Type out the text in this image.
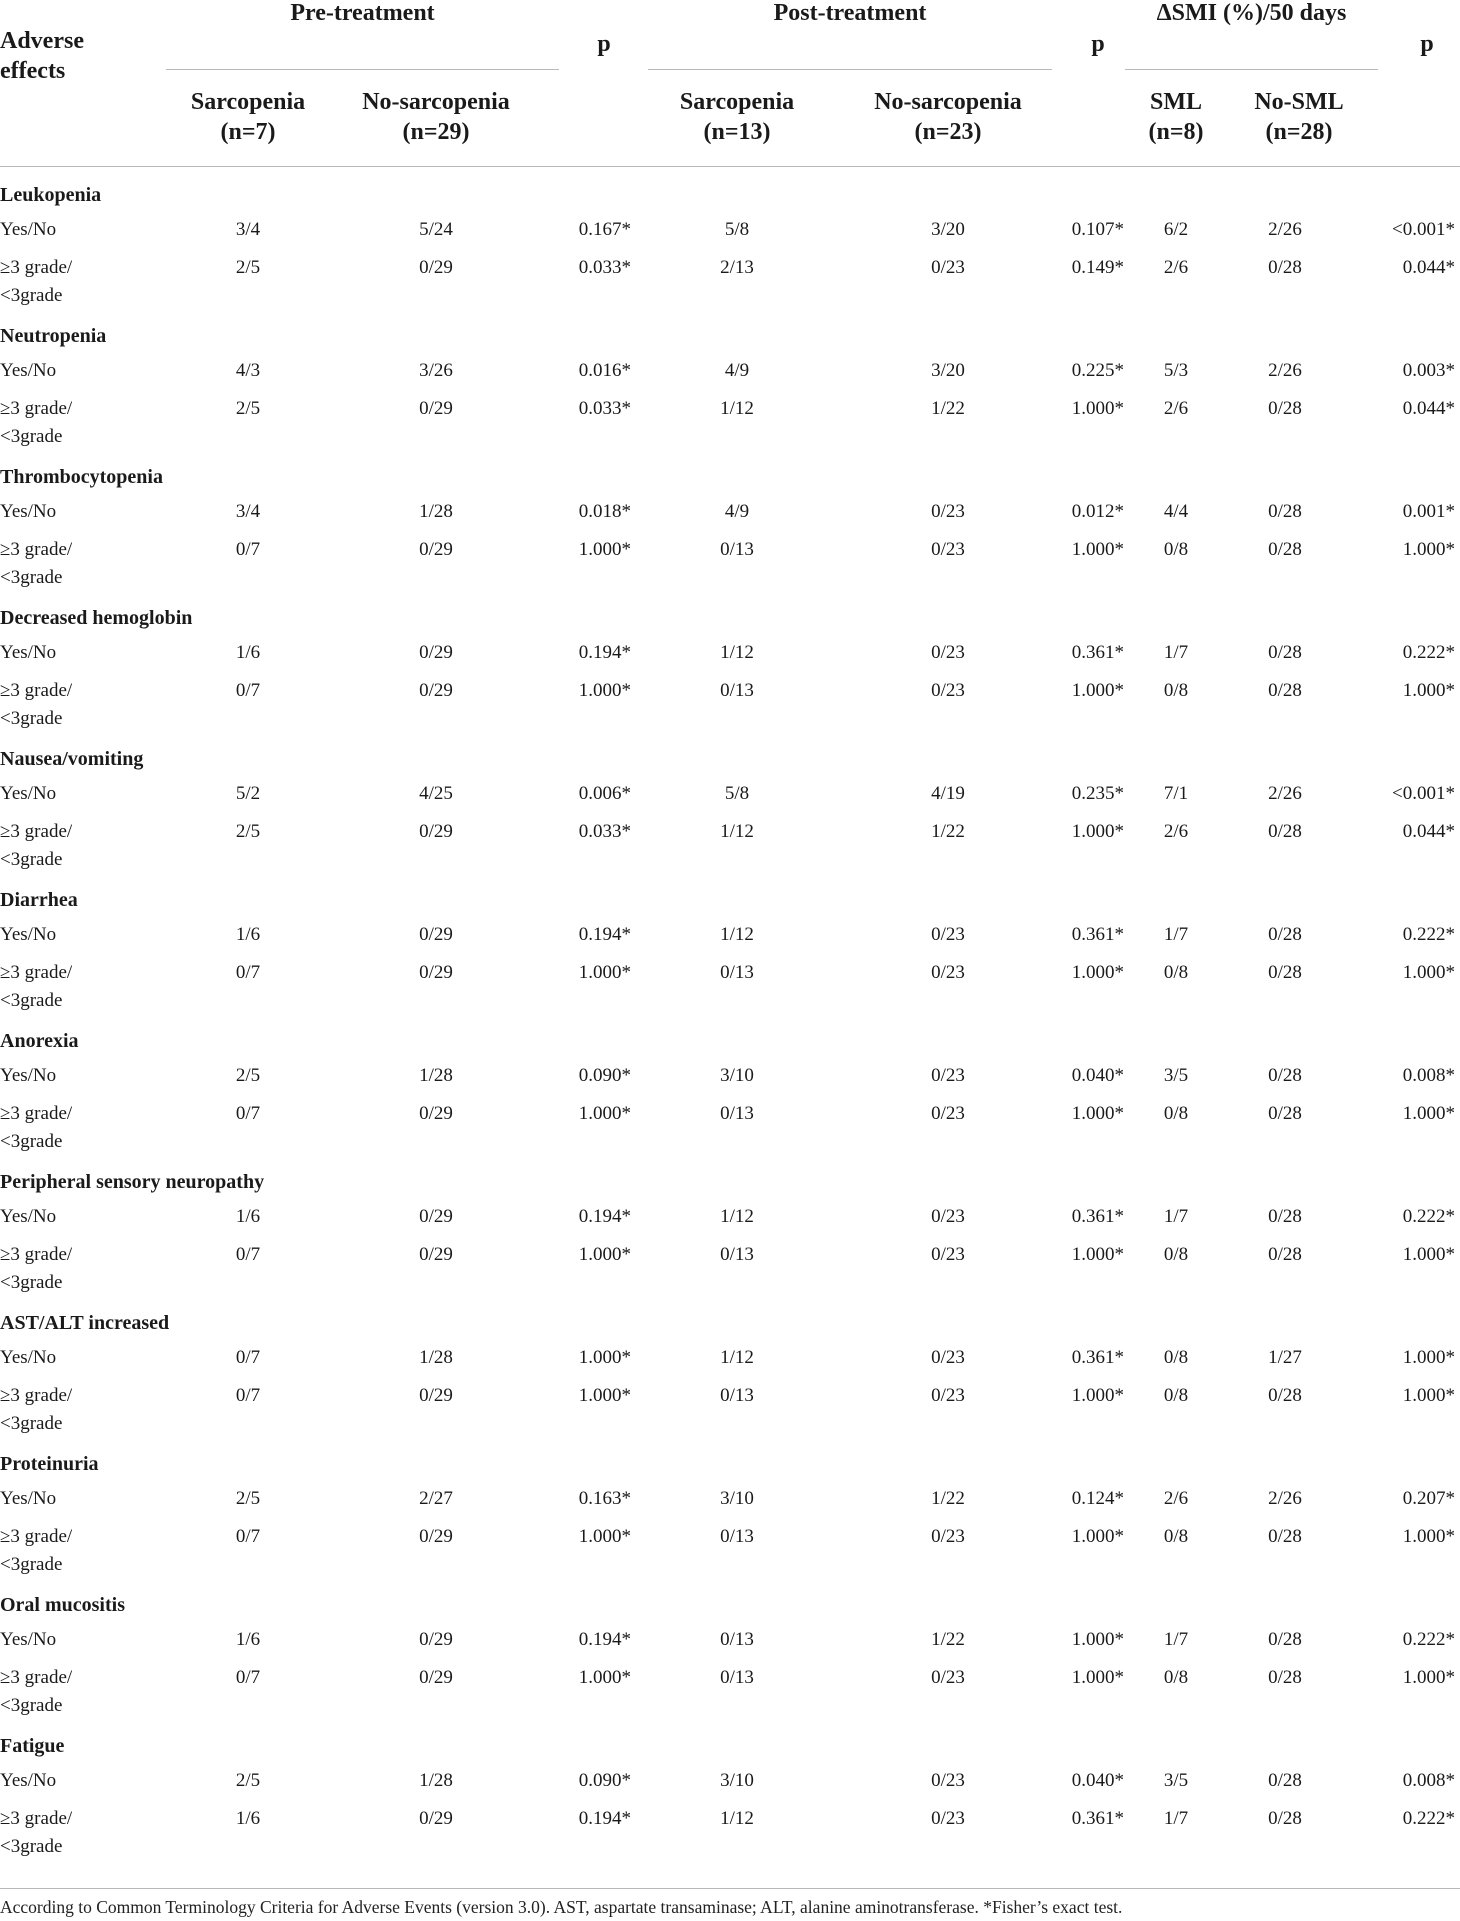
Adverse
effects
Pre-treatment	Post-treatment	ΔSMI (%)/50 days
p	p	p
Sarcopenia
(n=7)
No-sarcopenia
(n=29)
Sarcopenia
(n=13)
No-sarcopenia
(n=23)
SML
(n=8)
No-SML
(n=28)
Leukopenia
Yes/No	3/4	5/24	0.167*	5/8	3/20	0.107* 6/2	2/26	<0.001*
≥3 grade/
<3grade
2/5	0/29	0.033*	2/13	0/23	0.149* 2/6	0/28	0.044*
Neutropenia
Yes/No	4/3	3/26	0.016*	4/9	3/20	0.225* 5/3	2/26	0.003*
≥3 grade/
<3grade
2/5	0/29	0.033*	1/12	1/22	1.000* 2/6	0/28	0.044*
Thrombocytopenia
Yes/No	3/4	1/28	0.018*	4/9	0/23	0.012* 4/4	0/28	0.001*
≥3 grade/
<3grade
0/7	0/29	1.000*	0/13	0/23	1.000* 0/8	0/28	1.000*
Decreased hemoglobin
Yes/No	1/6	0/29	0.194*	1/12	0/23	0.361* 1/7	0/28	0.222*
≥3 grade/
<3grade
0/7	0/29	1.000*	0/13	0/23	1.000* 0/8	0/28	1.000*
Nausea/vomiting
Yes/No	5/2	4/25	0.006*	5/8	4/19	0.235* 7/1	2/26	<0.001*
≥3 grade/
<3grade
2/5	0/29	0.033*	1/12	1/22	1.000* 2/6	0/28	0.044*
Diarrhea
Yes/No	1/6	0/29	0.194*	1/12	0/23	0.361* 1/7	0/28	0.222*
≥3 grade/
<3grade
0/7	0/29	1.000*	0/13	0/23	1.000* 0/8	0/28	1.000*
Anorexia
Yes/No	2/5	1/28	0.090*	3/10	0/23	0.040* 3/5	0/28	0.008*
≥3 grade/
<3grade
0/7	0/29	1.000*	0/13	0/23	1.000* 0/8	0/28	1.000*
Peripheral sensory neuropathy
Yes/No	1/6	0/29	0.194*	1/12	0/23	0.361* 1/7	0/28	0.222*
≥3 grade/
<3grade
0/7	0/29	1.000*	0/13	0/23	1.000* 0/8	0/28	1.000*
AST/ALT increased
Yes/No	0/7	1/28	1.000*	1/12	0/23	0.361* 0/8	1/27	1.000*
≥3 grade/
<3grade
0/7	0/29	1.000*	0/13	0/23	1.000* 0/8	0/28	1.000*
Proteinuria
Yes/No	2/5	2/27	0.163*	3/10	1/22	0.124* 2/6	2/26	0.207*
≥3 grade/
<3grade
0/7	0/29	1.000*	0/13	0/23	1.000* 0/8	0/28	1.000*
Oral mucositis
Yes/No	1/6	0/29	0.194*	0/13	1/22	1.000* 1/7	0/28	0.222*
≥3 grade/
<3grade
0/7	0/29	1.000*	0/13	0/23	1.000* 0/8	0/28	1.000*
Fatigue
Yes/No	2/5	1/28	0.090*	3/10	0/23	0.040* 3/5	0/28	0.008*
≥3 grade/
<3grade
1/6	0/29	0.194*	1/12	0/23	0.361* 1/7	0/28	0.222*
According to Common Terminology Criteria for Adverse Events (version 3.0). AST, aspartate transaminase; ALT, alanine aminotransferase. *Fisher’s exact test.
